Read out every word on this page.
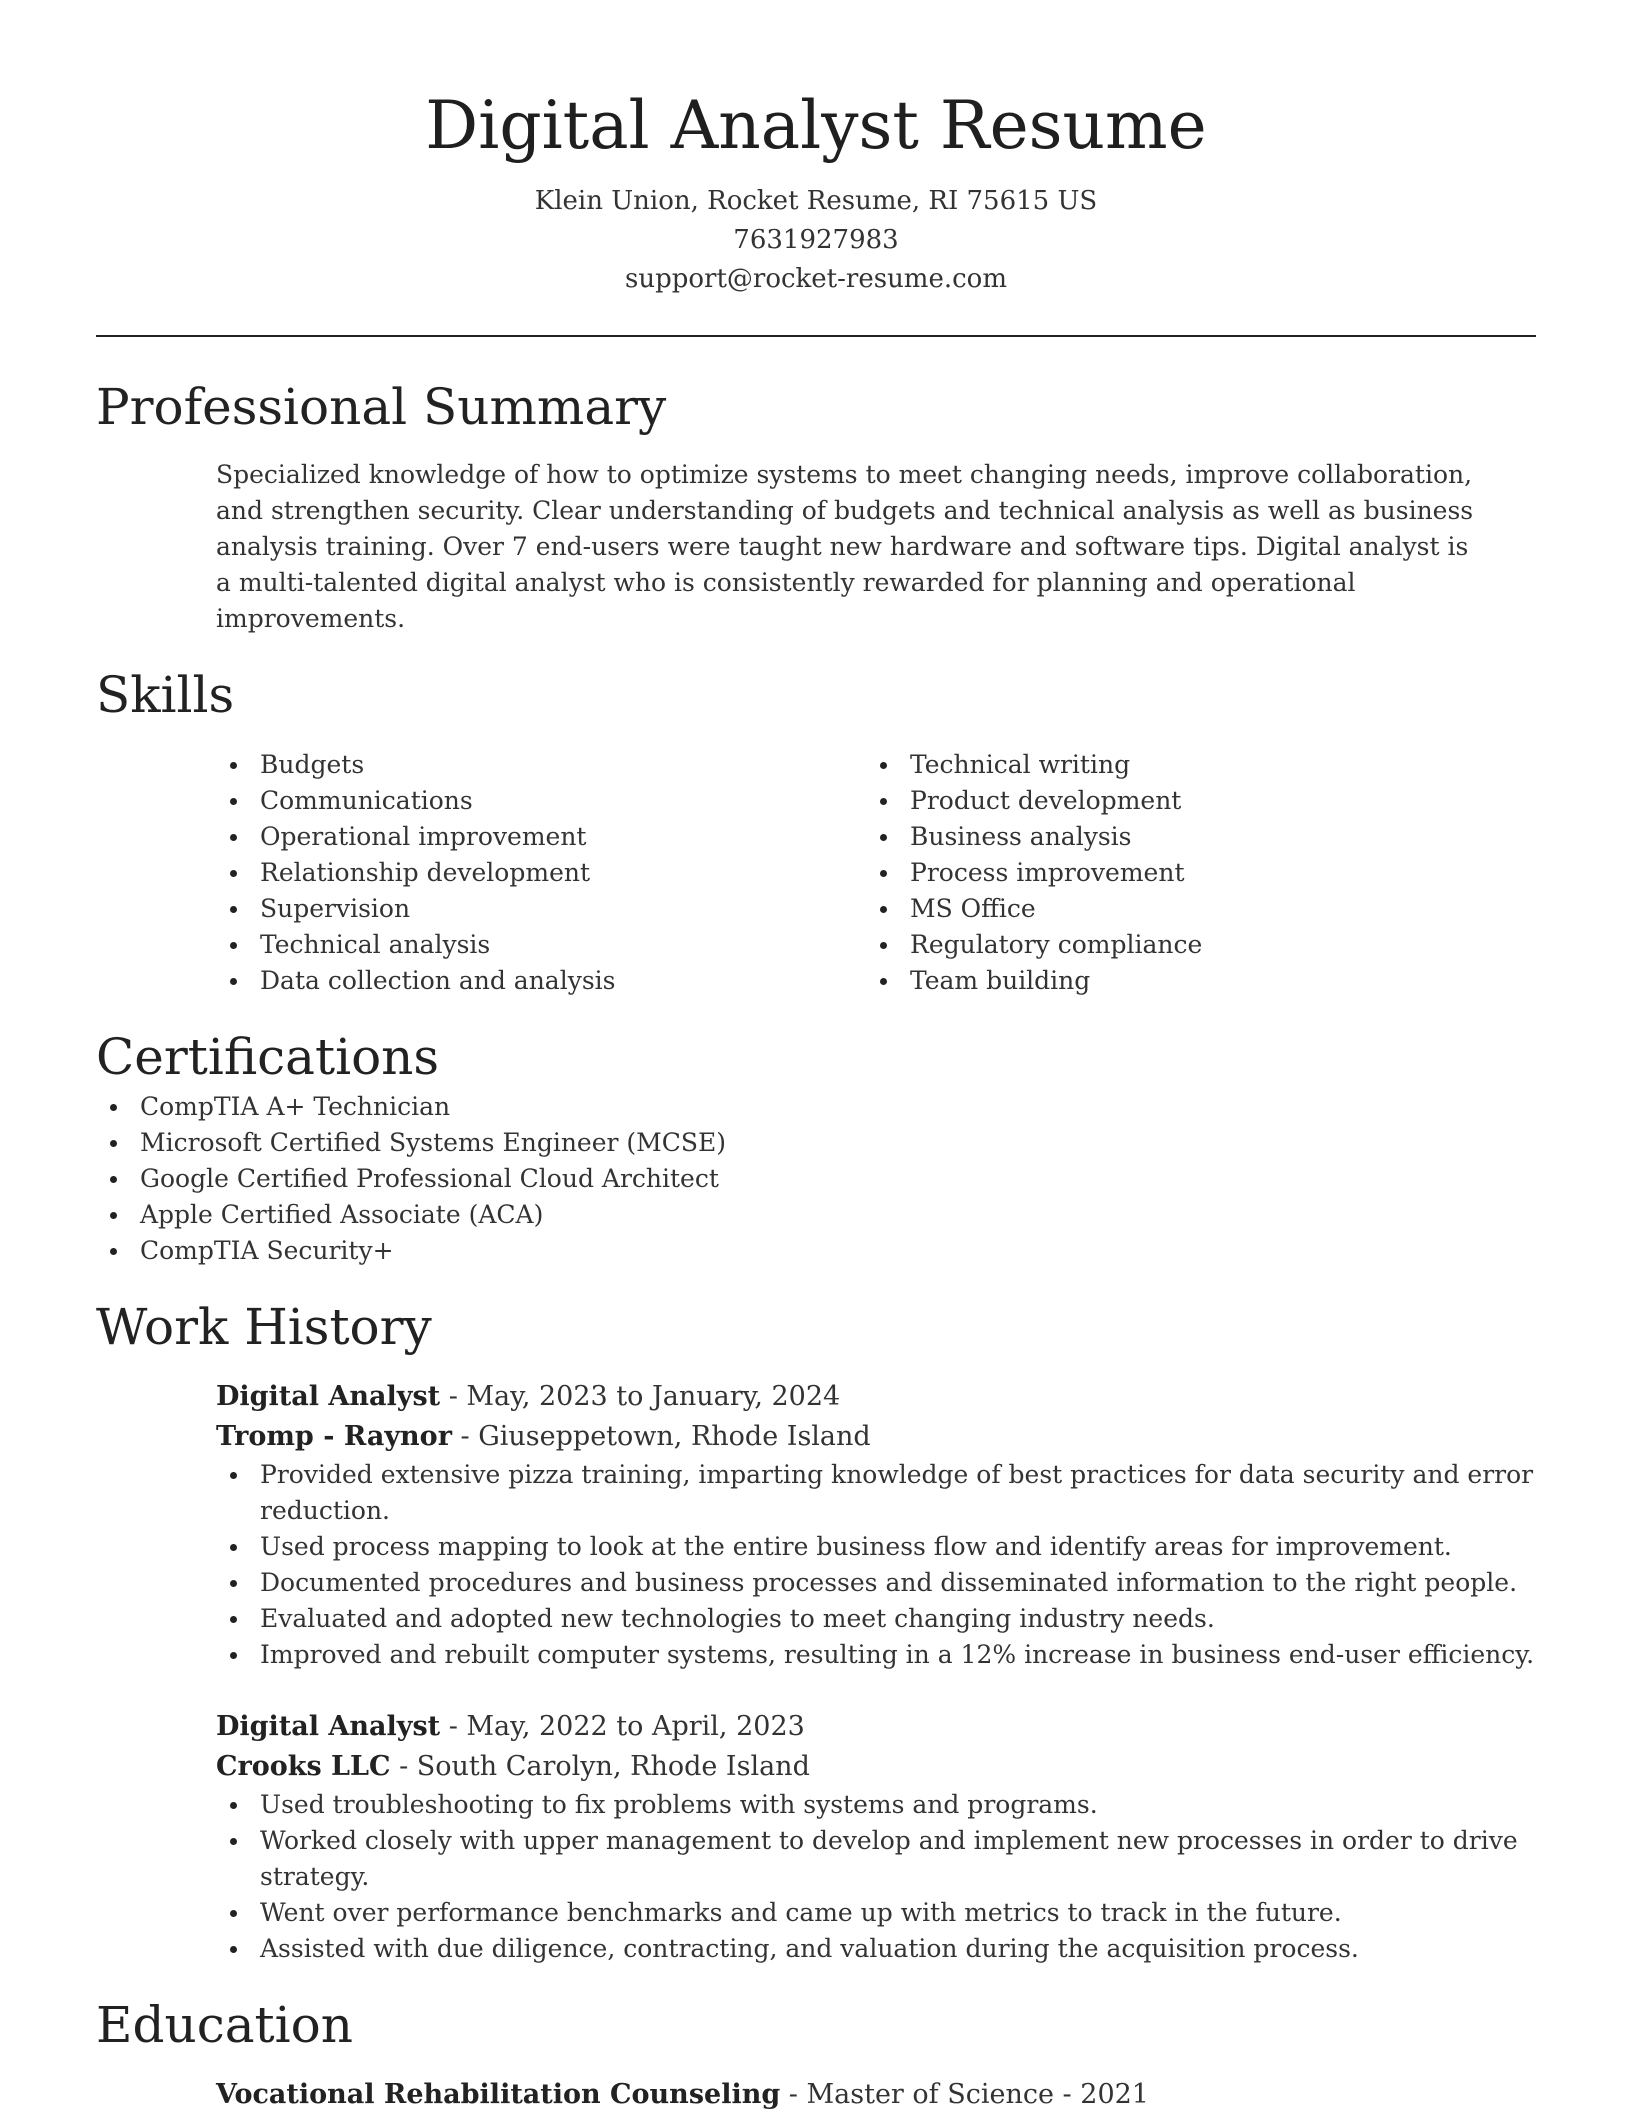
Digital Analyst Resume
Klein Union, Rocket Resume, RI 75615 US
7631927983
support@rocket-resume.com
Professional Summary

Specialized knowledge of how to optimize systems to meet changing needs, improve collaboration, and strengthen security. Clear understanding of budgets and technical analysis as well as business analysis training. Over 7 end-users were taught new hardware and software tips. Digital analyst is a multi-talented digital analyst who is consistently rewarded for planning and operational improvements.

Skills
Budgets
Communications
Operational improvement
Relationship development
Supervision
Technical analysis
Data collection and analysis
Technical writing
Product development
Business analysis
Process improvement
MS Office
Regulatory compliance
Team building
Certifications
CompTIA A+ Technician
Microsoft Certified Systems Engineer (MCSE)
Google Certified Professional Cloud Architect
Apple Certified Associate (ACA)
CompTIA Security+
Work History
Digital Analyst - May, 2023 to January, 2024
Tromp - Raynor - Giuseppetown, Rhode Island
Provided extensive pizza training, imparting knowledge of best practices for data security and error reduction.
Used process mapping to look at the entire business flow and identify areas for improvement.
Documented procedures and business processes and disseminated information to the right people.
Evaluated and adopted new technologies to meet changing industry needs.
Improved and rebuilt computer systems, resulting in a 12% increase in business end-user efficiency.
Digital Analyst - May, 2022 to April, 2023
Crooks LLC - South Carolyn, Rhode Island
Used troubleshooting to fix problems with systems and programs.
Worked closely with upper management to develop and implement new processes in order to drive strategy.
Went over performance benchmarks and came up with metrics to track in the future.
Assisted with due diligence, contracting, and valuation during the acquisition process.
Education
Vocational Rehabilitation Counseling - Master of Science - 2021
